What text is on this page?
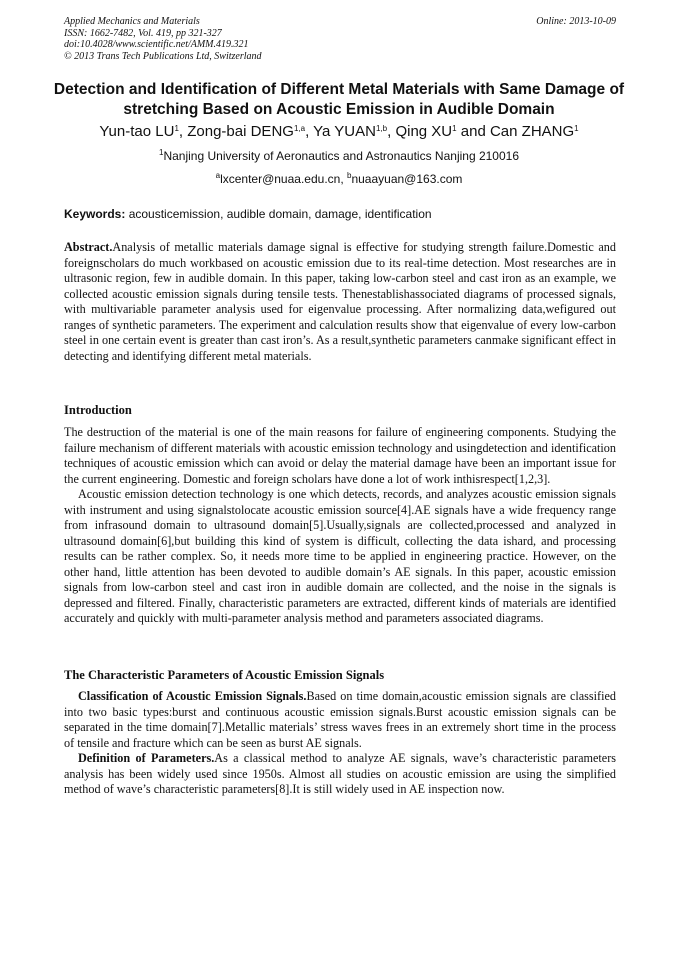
Applied Mechanics and Materials
ISSN: 1662-7482, Vol. 419, pp 321-327
doi:10.4028/www.scientific.net/AMM.419.321
© 2013 Trans Tech Publications Ltd, Switzerland
Online: 2013-10-09
Detection and Identification of Different Metal Materials with Same Damage of stretching Based on Acoustic Emission in Audible Domain
Yun-tao $LU^1$, Zong-bai DENG$^{1,a}$, Ya YUAN$^{1,b}$, Qing $XU^1$ and Can ZHANG$^1$
$^1$Nanjing University of Aeronautics and Astronautics Nanjing 210016
$^a$lxcenter@nuaa.edu.cn, $^b$nuaayuan@163.com
Keywords: acousticemission, audible domain, damage, identification

Abstract.Analysis of metallic materials damage signal is effective for studying strength failure.Domestic and foreignscholars do much workbased on acoustic emission due to its real-time detection. Most researches are in ultrasonic region, few in audible domain. In this paper, taking low-carbon steel and cast iron as an example, we collected acoustic emission signals during tensile tests. Thenestablishassociated diagrams of processed signals, with multivariable parameter analysis used for eigenvalue processing. After normalizing data,wefigured out ranges of synthetic parameters. The experiment and calculation results show that eigenvalue of every low-carbon steel in one certain event is greater than cast iron’s. As a result,synthetic parameters canmake significant effect in detecting and identifying different metal materials.

Introduction

The destruction of the material is one of the main reasons for failure of engineering components. Studying the failure mechanism of different materials with acoustic emission technology and usingdetection and identification techniques of acoustic emission which can avoid or delay the material damage have been an important issue for the current engineering. Domestic and foreign scholars have done a lot of work inthisrespect[1,2,3].

Acoustic emission detection technology is one which detects, records, and analyzes acoustic emission signals with instrument and using signalstolocate acoustic emission source[4].AE signals have a wide frequency range from infrasound domain to ultrasound domain[5].Usually,signals are collected,processed and analyzed in ultrasound domain[6],but building this kind of system is difficult, collecting the data ishard, and processing results can be rather complex. So, it needs more time to be applied in engineering practice. However, on the other hand, little attention has been devoted to audible domain’s AE signals. In this paper, acoustic emission signals from low-carbon steel and cast iron in audible domain are collected, and the noise in the signals is depressed and filtered. Finally, characteristic parameters are extracted, different kinds of materials are identified accurately and quickly with multi-parameter analysis method and parameters associated diagrams.

The Characteristic Parameters of Acoustic Emission Signals

Classification of Acoustic Emission Signals.Based on time domain,acoustic emission signals are classified into two basic types:burst and continuous acoustic emission signals.Burst acoustic emission signals can be separated in the time domain[7].Metallic materials’ stress waves frees in an extremely short time in the process of tensile and fracture which can be seen as burst AE signals.

Definition of Parameters.As a classical method to analyze AE signals, wave’s characteristic parameters analysis has been widely used since 1950s. Almost all studies on acoustic emission are using the simplified method of wave’s characteristic parameters[8].It is still widely used in AE inspection now.
